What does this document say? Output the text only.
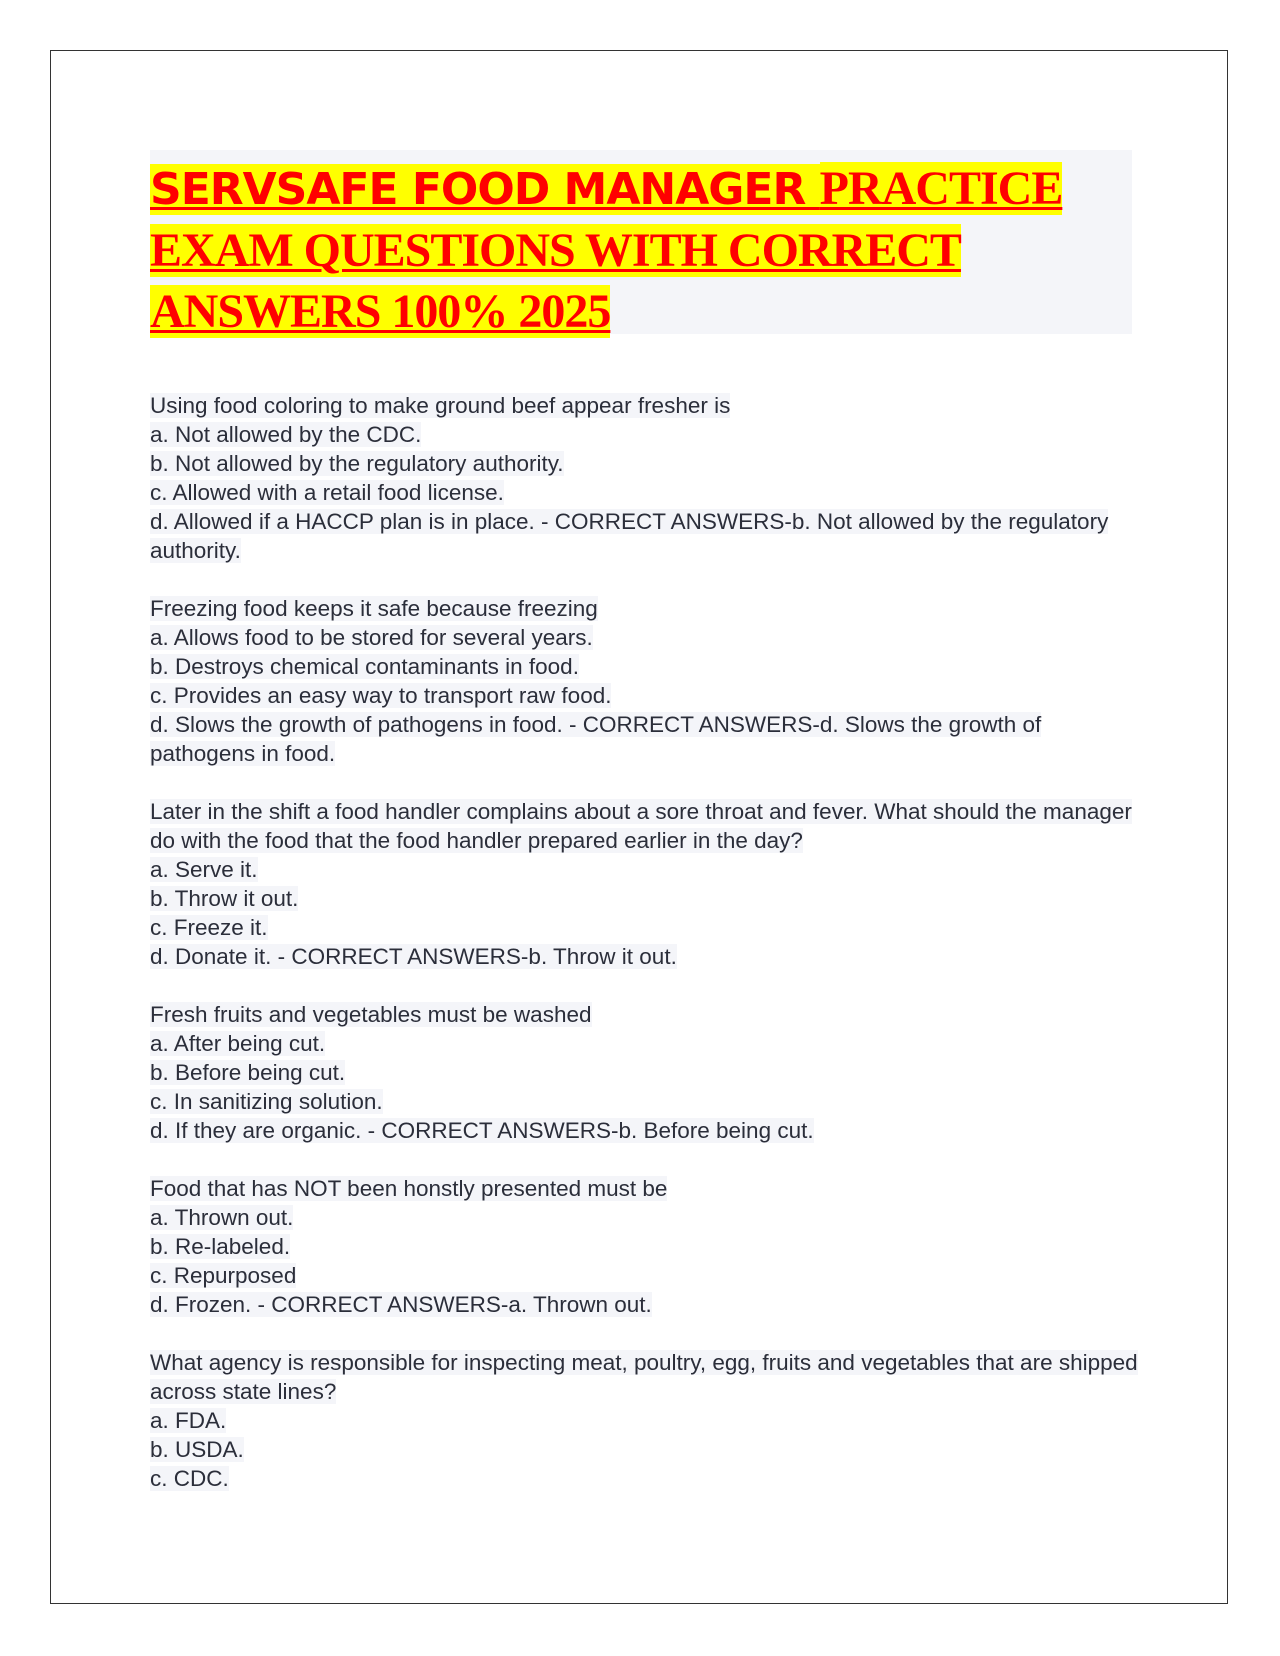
SERVSAFE FOOD MANAGER PRACTICE EXAM QUESTIONS WITH CORRECT ANSWERS 100% 2025
Using food coloring to make ground beef appear fresher is
a. Not allowed by the CDC.
b. Not allowed by the regulatory authority.
c. Allowed with a retail food license.
d. Allowed if a HACCP plan is in place. - CORRECT ANSWERS-b. Not allowed by the regulatory authority.
Freezing food keeps it safe because freezing
a. Allows food to be stored for several years.
b. Destroys chemical contaminants in food.
c. Provides an easy way to transport raw food.
d. Slows the growth of pathogens in food. - CORRECT ANSWERS-d. Slows the growth of pathogens in food.
Later in the shift a food handler complains about a sore throat and fever. What should the manager do with the food that the food handler prepared earlier in the day?
a. Serve it.
b. Throw it out.
c. Freeze it.
d. Donate it. - CORRECT ANSWERS-b. Throw it out.
Fresh fruits and vegetables must be washed
a. After being cut.
b. Before being cut.
c. In sanitizing solution.
d. If they are organic. - CORRECT ANSWERS-b. Before being cut.
Food that has NOT been honstly presented must be
a. Thrown out.
b. Re-labeled.
c. Repurposed
d. Frozen. - CORRECT ANSWERS-a. Thrown out.
What agency is responsible for inspecting meat, poultry, egg, fruits and vegetables that are shipped across state lines?
a. FDA.
b. USDA.
c. CDC.
